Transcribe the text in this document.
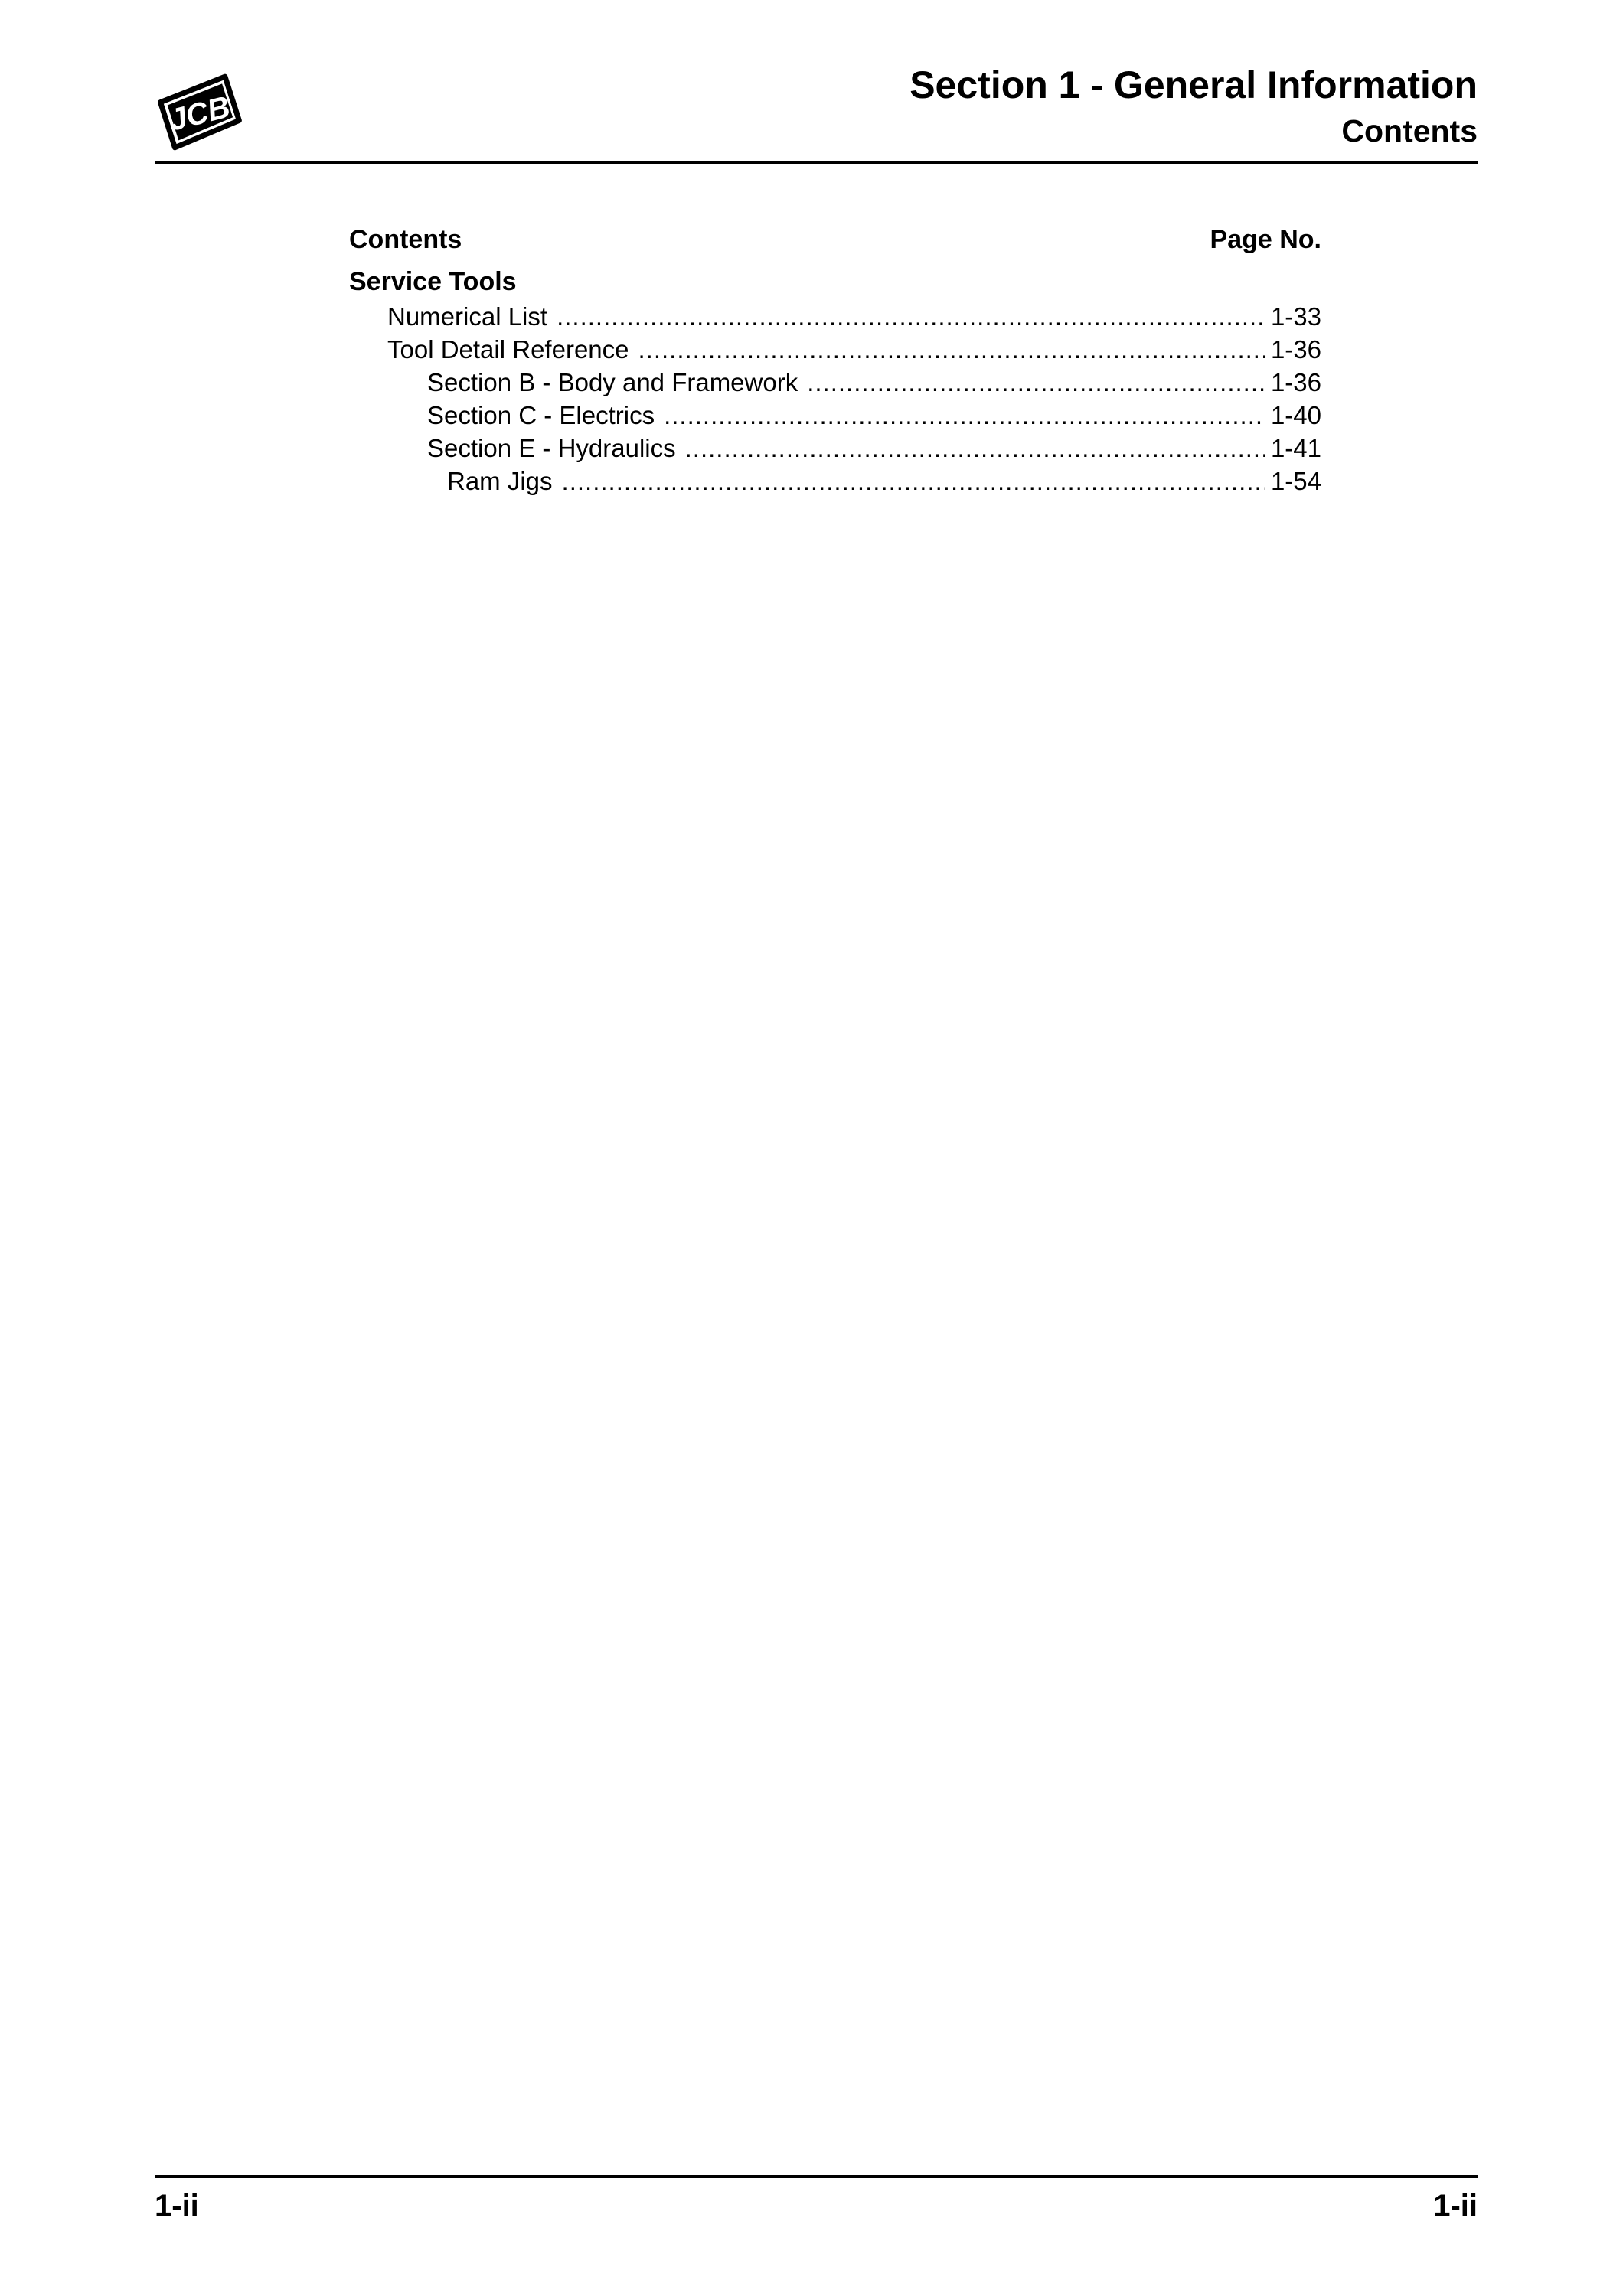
JCB
Section 1 - General Information
Contents
Contents	Page No.
Service Tools
Numerical List .....	1-33
Tool Detail Reference .....	1-36
Section B - Body and Framework .....	1-36
Section C - Electrics .....	1-40
Section E - Hydraulics .....	1-41
Ram Jigs .....	1-54
1-ii	1-ii
